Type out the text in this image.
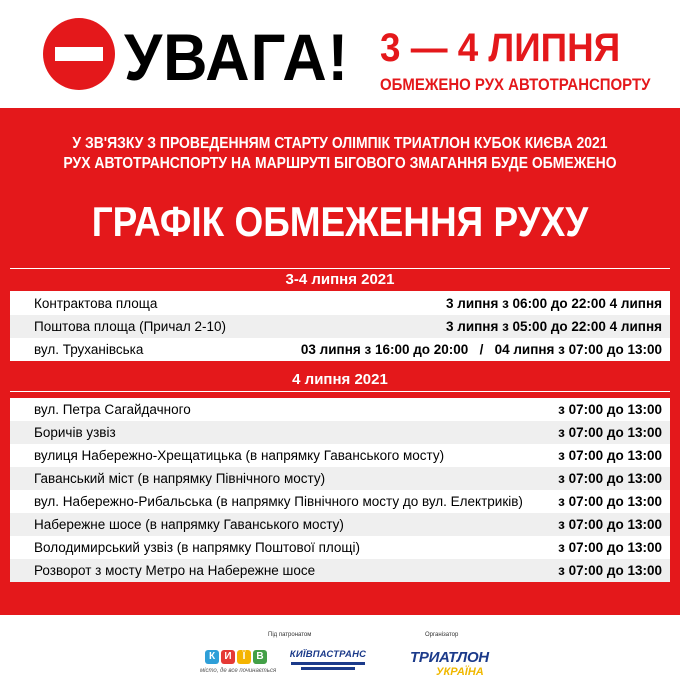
УВАГА! 3 — 4 ЛИПНЯ
ОБМЕЖЕНО РУХ АВТОТРАНСПОРТУ
У ЗВ'ЯЗКУ З ПРОВЕДЕННЯМ СТАРТУ ОЛІМПІК ТРИАТЛОН КУБОК КИЄВА 2021
РУХ АВТОТРАНСПОРТУ НА МАРШРУТІ БІГОВОГО ЗМАГАННЯ БУДЕ ОБМЕЖЕНО
ГРАФІК ОБМЕЖЕННЯ РУХУ
3-4 липня 2021
Контрактова площа	3 липня з 06:00 до 22:00 4 липня
Поштова площа (Причал 2-10)	3 липня з 05:00 до 22:00 4 липня
вул. Труханівська	03 липня з 16:00 до 20:00   /   04 липня з 07:00 до 13:00
4 липня 2021
вул. Петра Сагайдачного	з 07:00 до 13:00
Боричів узвіз	з 07:00 до 13:00
вулиця Набережно-Хрещатицька (в напрямку Гаванського мосту)	з 07:00 до 13:00
Гаванський міст (в напрямку Північного мосту)	з 07:00 до 13:00
вул. Набережно-Рибальська (в напрямку Північного мосту до вул. Електриків)	з 07:00 до 13:00
Набережне шосе (в напрямку Гаванського мосту)	з 07:00 до 13:00
Володимирський узвіз (в напрямку Поштової площі)	з 07:00 до 13:00
Розворот з мосту Метро на Набережне шосе	з 07:00 до 13:00
Під патронатом	Організатор
К И	Ї	В
місто, де все починається
КИЇВПАСТРАНС	ТРИАТЛОН
УКРАЇНА
